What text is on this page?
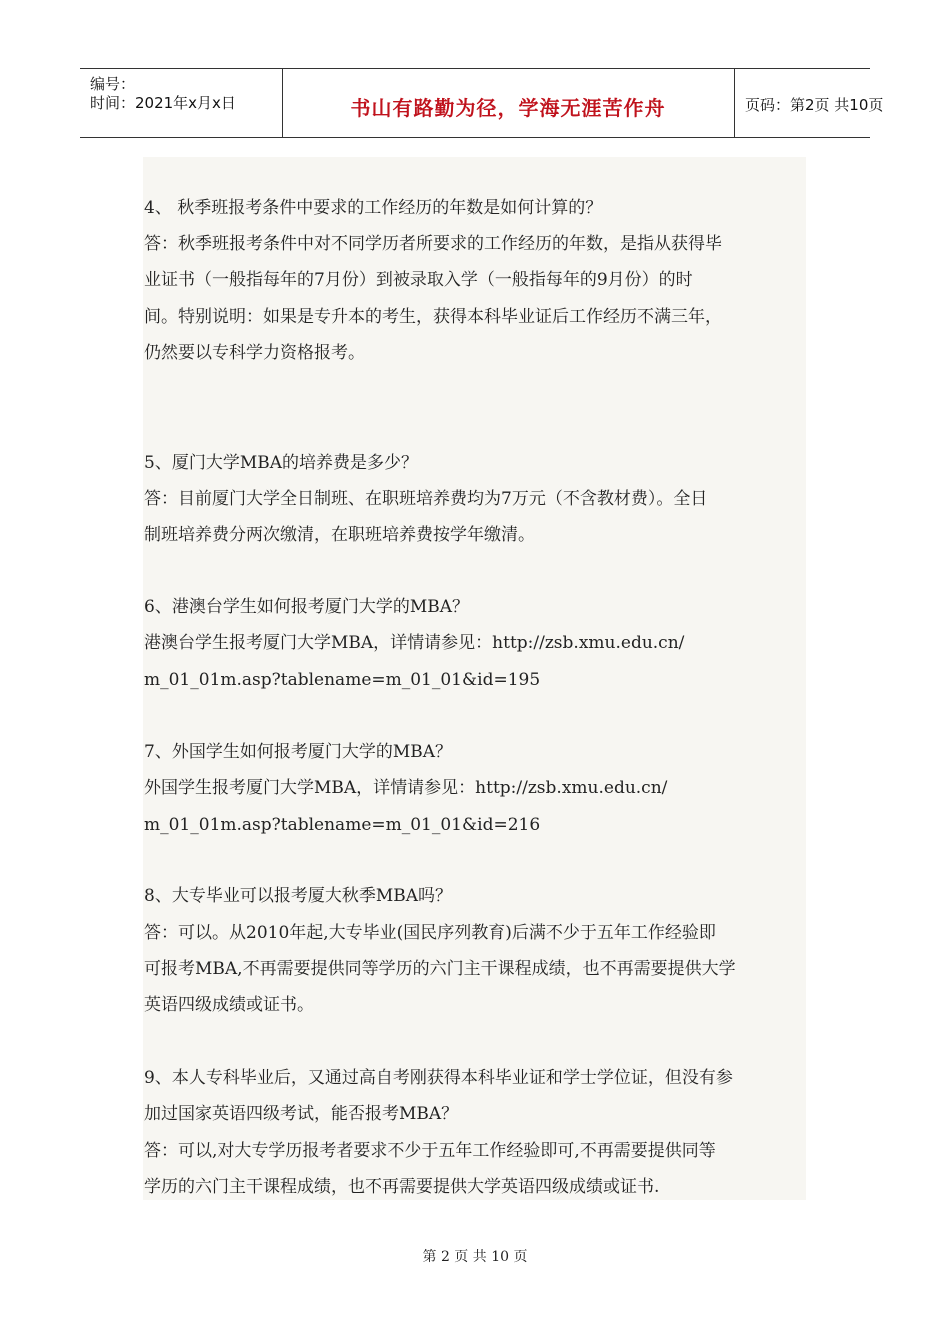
编号：
时间：2021年x月x日	书山有路勤为径，学海无涯苦作舟	页码：第2页 共10页
4、 秋季班报考条件中要求的工作经历的年数是如何计算的？
答：秋季班报考条件中对不同学历者所要求的工作经历的年数，是指从获得毕
业证书（一般指每年的7月份）到被录取入学（一般指每年的9月份）的时
间。特别说明：如果是专升本的考生，获得本科毕业证后工作经历不满三年，
仍然要以专科学力资格报考。
5、厦门大学MBA的培养费是多少？
答：目前厦门大学全日制班、在职班培养费均为7万元（不含教材费）。全日
制班培养费分两次缴清，在职班培养费按学年缴清。
6、港澳台学生如何报考厦门大学的MBA？
港澳台学生报考厦门大学MBA，详情请参见：http://zsb.xmu.edu.cn/
m_01_01m.asp?tablename=m_01_01&id=195
7、外国学生如何报考厦门大学的MBA？
外国学生报考厦门大学MBA，详情请参见：http://zsb.xmu.edu.cn/
m_01_01m.asp?tablename=m_01_01&id=216
8、大专毕业可以报考厦大秋季MBA吗？
答：可以。从2010年起,大专毕业(国民序列教育)后满不少于五年工作经验即
可报考MBA,不再需要提供同等学历的六门主干课程成绩，也不再需要提供大学
英语四级成绩或证书。
9、本人专科毕业后，又通过高自考刚获得本科毕业证和学士学位证，但没有参
加过国家英语四级考试，能否报考MBA？
答：可以,对大专学历报考者要求不少于五年工作经验即可,不再需要提供同等
学历的六门主干课程成绩，也不再需要提供大学英语四级成绩或证书.
第 2 页 共 10 页
